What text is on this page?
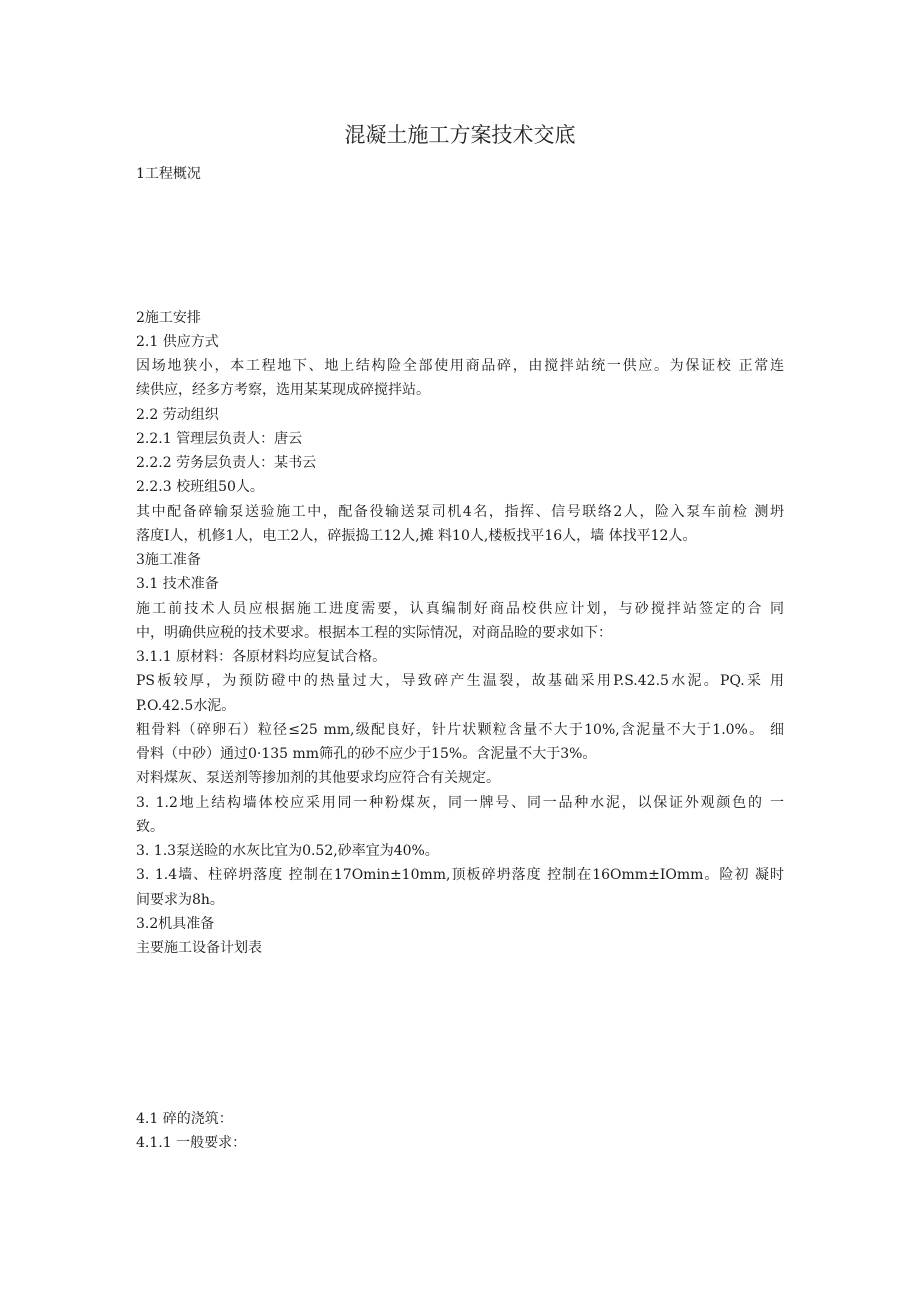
混凝土施工方案技术交底
1工程概况
2施工安排
2.1 供应方式
因场地狭小，本工程地下、地上结构险全部使用商品碎，由搅拌站统一供应。为保证校 正常连
续供应，经多方考察，选用某某现成碎搅拌站。
2.2 劳动组织
2.2.1 管理层负责人：唐云
2.2.2 劳务层负责人：某书云
2.2.3 校班组50人。
其中配备碎输泵送验施工中，配备役输送泵司机4名，指挥、信号联络2人，险入泵车前检 测坍
落度I人，机修1人，电工2人，碎振捣工12人,摊 料10人,楼板找平16人，墙 体找平12人。
3施工准备
3.1 技术准备
施工前技术人员应根据施工进度需要，认真编制好商品校供应计划，与砂搅拌站签定的合 同
中，明确供应税的技术要求。根据本工程的实际情况，对商品睑的要求如下：
3.1.1 原材料：各原材料均应复试合格。
PS板较厚，为预防磴中的热量过大，导致碎产生温裂，故基础采用P.S.42.5水泥。PQ.采 用
P.O.42.5水泥。
粗骨料（碎卵石）粒径≤25 mm,级配良好，针片状颗粒含量不大于10%,含泥量不大于1.0%。 细
骨料（中砂）通过0·135 mm筛孔的砂不应少于15%。含泥量不大于3%。
对料煤灰、泵送剂等掺加剂的其他要求均应符合有关规定。
3. 1.2地上结构墙体校应采用同一种粉煤灰，同一牌号、同一品种水泥，以保证外观颜色的 一
致。
3. 1.3泵送睑的水灰比宜为0.52,砂率宜为40%。
3. 1.4墙、柱碎坍落度 控制在17Omin±10mm,顶板碎坍落度 控制在16Omm±IOmm。险初 凝时
间要求为8h。
3.2机具准备
主要施工设备计划表
4.1 碎的浇筑：
4.1.1 一般要求：
